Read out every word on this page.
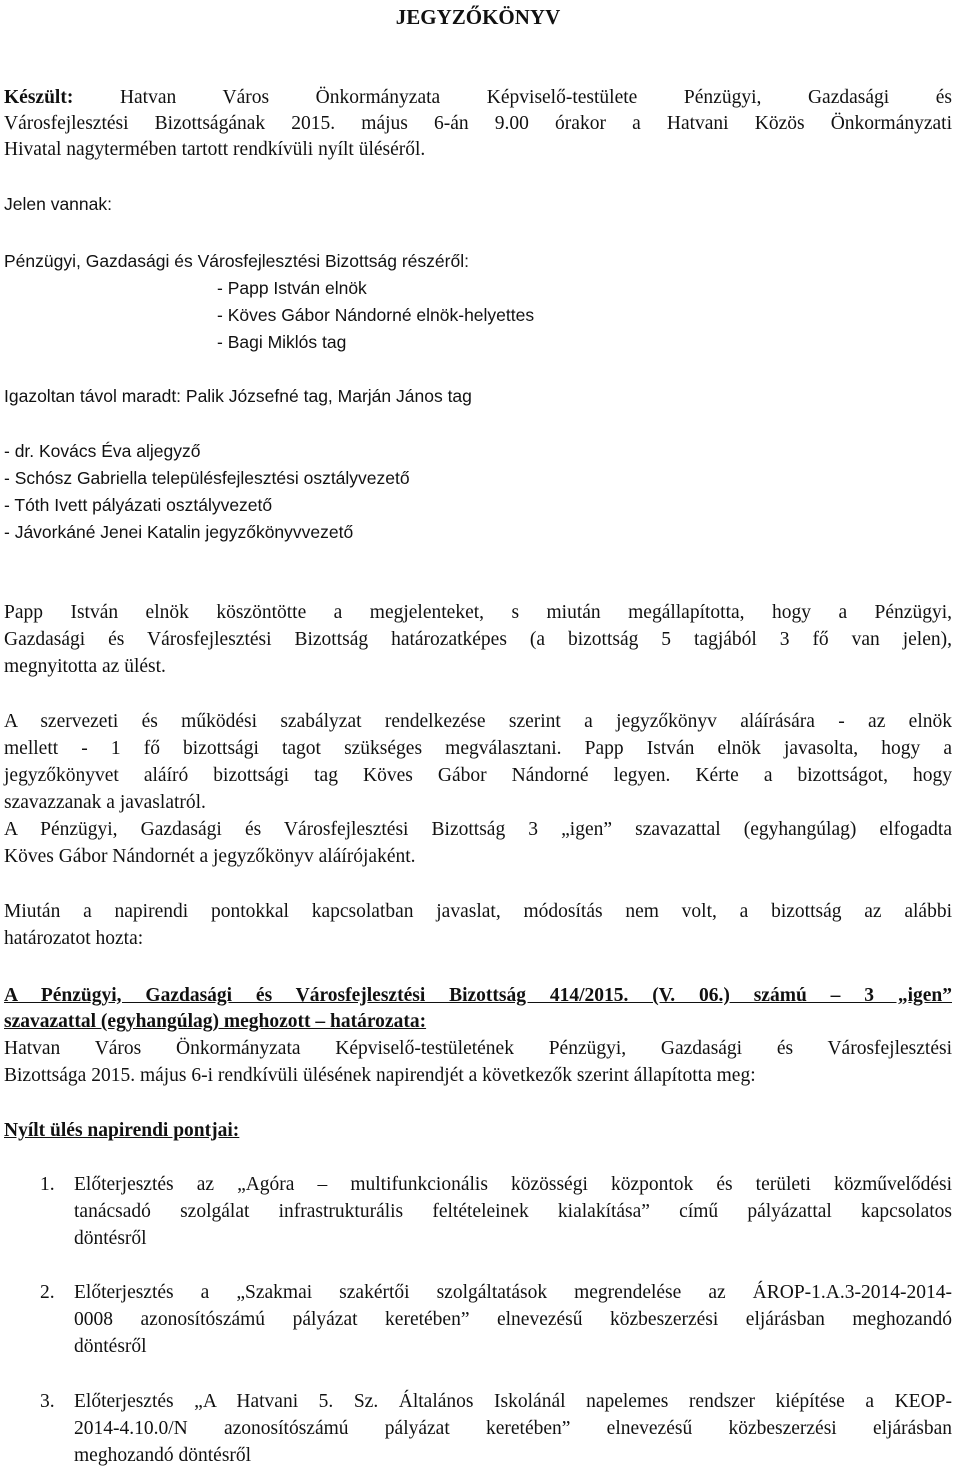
JEGYZŐKÖNYV
Készült: Hatvan Város Önkormányzata Képviselő-testülete Pénzügyi, Gazdasági és
Városfejlesztési Bizottságának 2015. május 6-án 9.00 órakor a Hatvani Közös Önkormányzati
Hivatal nagytermében tartott rendkívüli nyílt üléséről.
Jelen vannak:
Pénzügyi, Gazdasági és Városfejlesztési Bizottság részéről:
- Papp István elnök
- Köves Gábor Nándorné elnök-helyettes
- Bagi Miklós tag
Igazoltan távol maradt: Palik Józsefné tag, Marján János tag
- dr. Kovács Éva aljegyző
- Schósz Gabriella településfejlesztési osztályvezető
- Tóth Ivett pályázati osztályvezető
- Jávorkáné Jenei Katalin jegyzőkönyvvezető
Papp István elnök köszöntötte a megjelenteket, s miután megállapította, hogy a Pénzügyi,
Gazdasági és Városfejlesztési Bizottság határozatképes (a bizottság 5 tagjából 3 fő van jelen),
megnyitotta az ülést.
A szervezeti és működési szabályzat rendelkezése szerint a jegyzőkönyv aláírására - az elnök
mellett - 1 fő bizottsági tagot szükséges megválasztani. Papp István elnök javasolta, hogy a
jegyzőkönyvet aláíró bizottsági tag Köves Gábor Nándorné legyen. Kérte a bizottságot, hogy
szavazzanak a javaslatról.
A Pénzügyi, Gazdasági és Városfejlesztési Bizottság 3 „igen” szavazattal (egyhangúlag) elfogadta
Köves Gábor Nándornét a jegyzőkönyv aláírójaként.
Miután a napirendi pontokkal kapcsolatban javaslat, módosítás nem volt, a bizottság az alábbi
határozatot hozta:
A Pénzügyi, Gazdasági és Városfejlesztési Bizottság 414/2015. (V. 06.) számú – 3 „igen”
szavazattal (egyhangúlag) meghozott – határozata:
Hatvan Város Önkormányzata Képviselő-testületének Pénzügyi, Gazdasági és Városfejlesztési
Bizottsága 2015. május 6-i rendkívüli ülésének napirendjét a következők szerint állapította meg:
Nyílt ülés napirendi pontjai:
1. Előterjesztés az „Agóra – multifunkcionális közösségi központok és területi közművelődési
tanácsadó szolgálat infrastrukturális feltételeinek kialakítása” című pályázattal kapcsolatos
döntésről
2. Előterjesztés a „Szakmai szakértői szolgáltatások megrendelése az ÁROP-1.A.3-2014-2014-
0008 azonosítószámú pályázat keretében” elnevezésű közbeszerzési eljárásban meghozandó
döntésről
3. Előterjesztés „A Hatvani 5. Sz. Általános Iskolánál napelemes rendszer kiépítése a KEOP-
2014-4.10.0/N azonosítószámú pályázat keretében” elnevezésű közbeszerzési eljárásban
meghozandó döntésről
